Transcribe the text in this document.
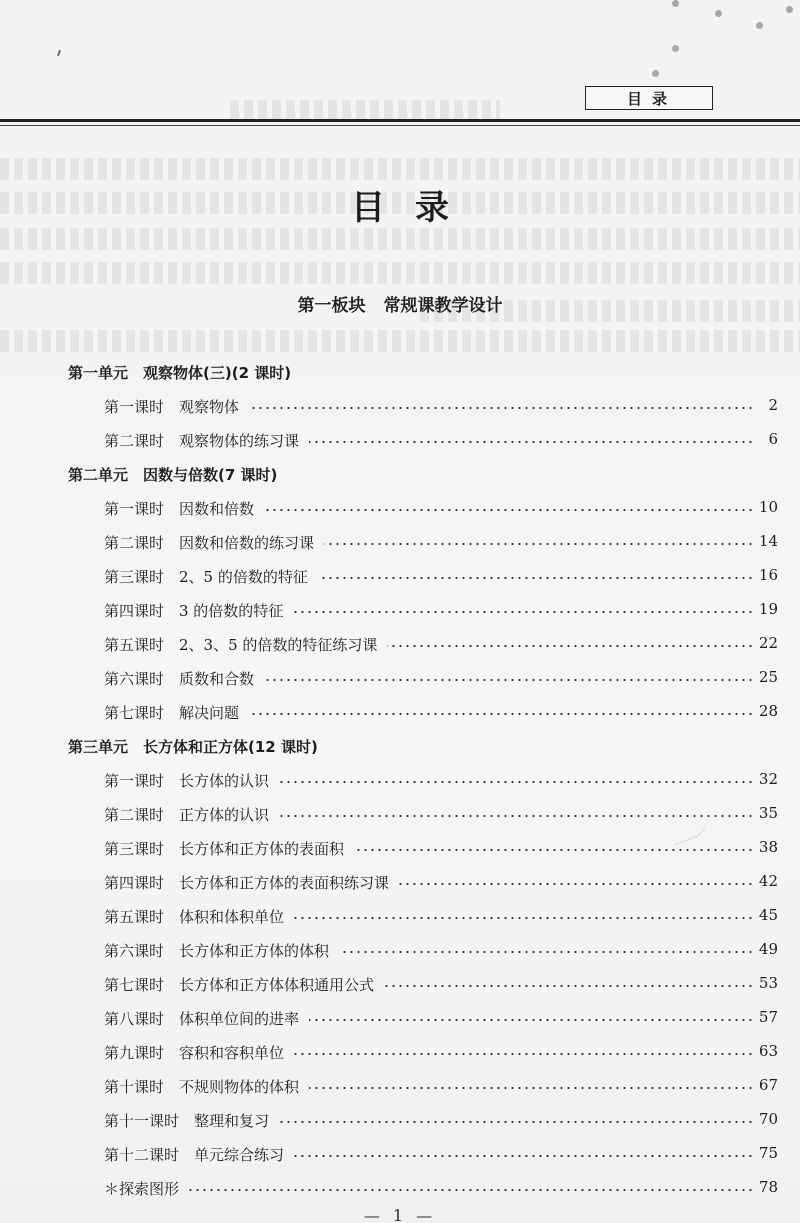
目录
目录
第一板块 常规课教学设计
第一单元　观察物体(三)(2 课时)
第一课时　观察物体	2
第二课时　观察物体的练习课	6
第二单元　因数与倍数(7 课时)
第一课时　因数和倍数	10
第二课时　因数和倍数的练习课	14
第三课时　2、5 的倍数的特征	16
第四课时　3 的倍数的特征	19
第五课时　2、3、5 的倍数的特征练习课	22
第六课时　质数和合数	25
第七课时　解决问题	28
第三单元　长方体和正方体(12 课时)
第一课时　长方体的认识	32
第二课时　正方体的认识	35
第三课时　长方体和正方体的表面积	38
第四课时　长方体和正方体的表面积练习课	42
第五课时　体积和体积单位	45
第六课时　长方体和正方体的体积	49
第七课时　长方体和正方体体积通用公式	53
第八课时　体积单位间的进率	57
第九课时　容积和容积单位	63
第十课时　不规则物体的体积	67
第十一课时　整理和复习	70
第十二课时　单元综合练习	75
＊探索图形	78
— 1 —
